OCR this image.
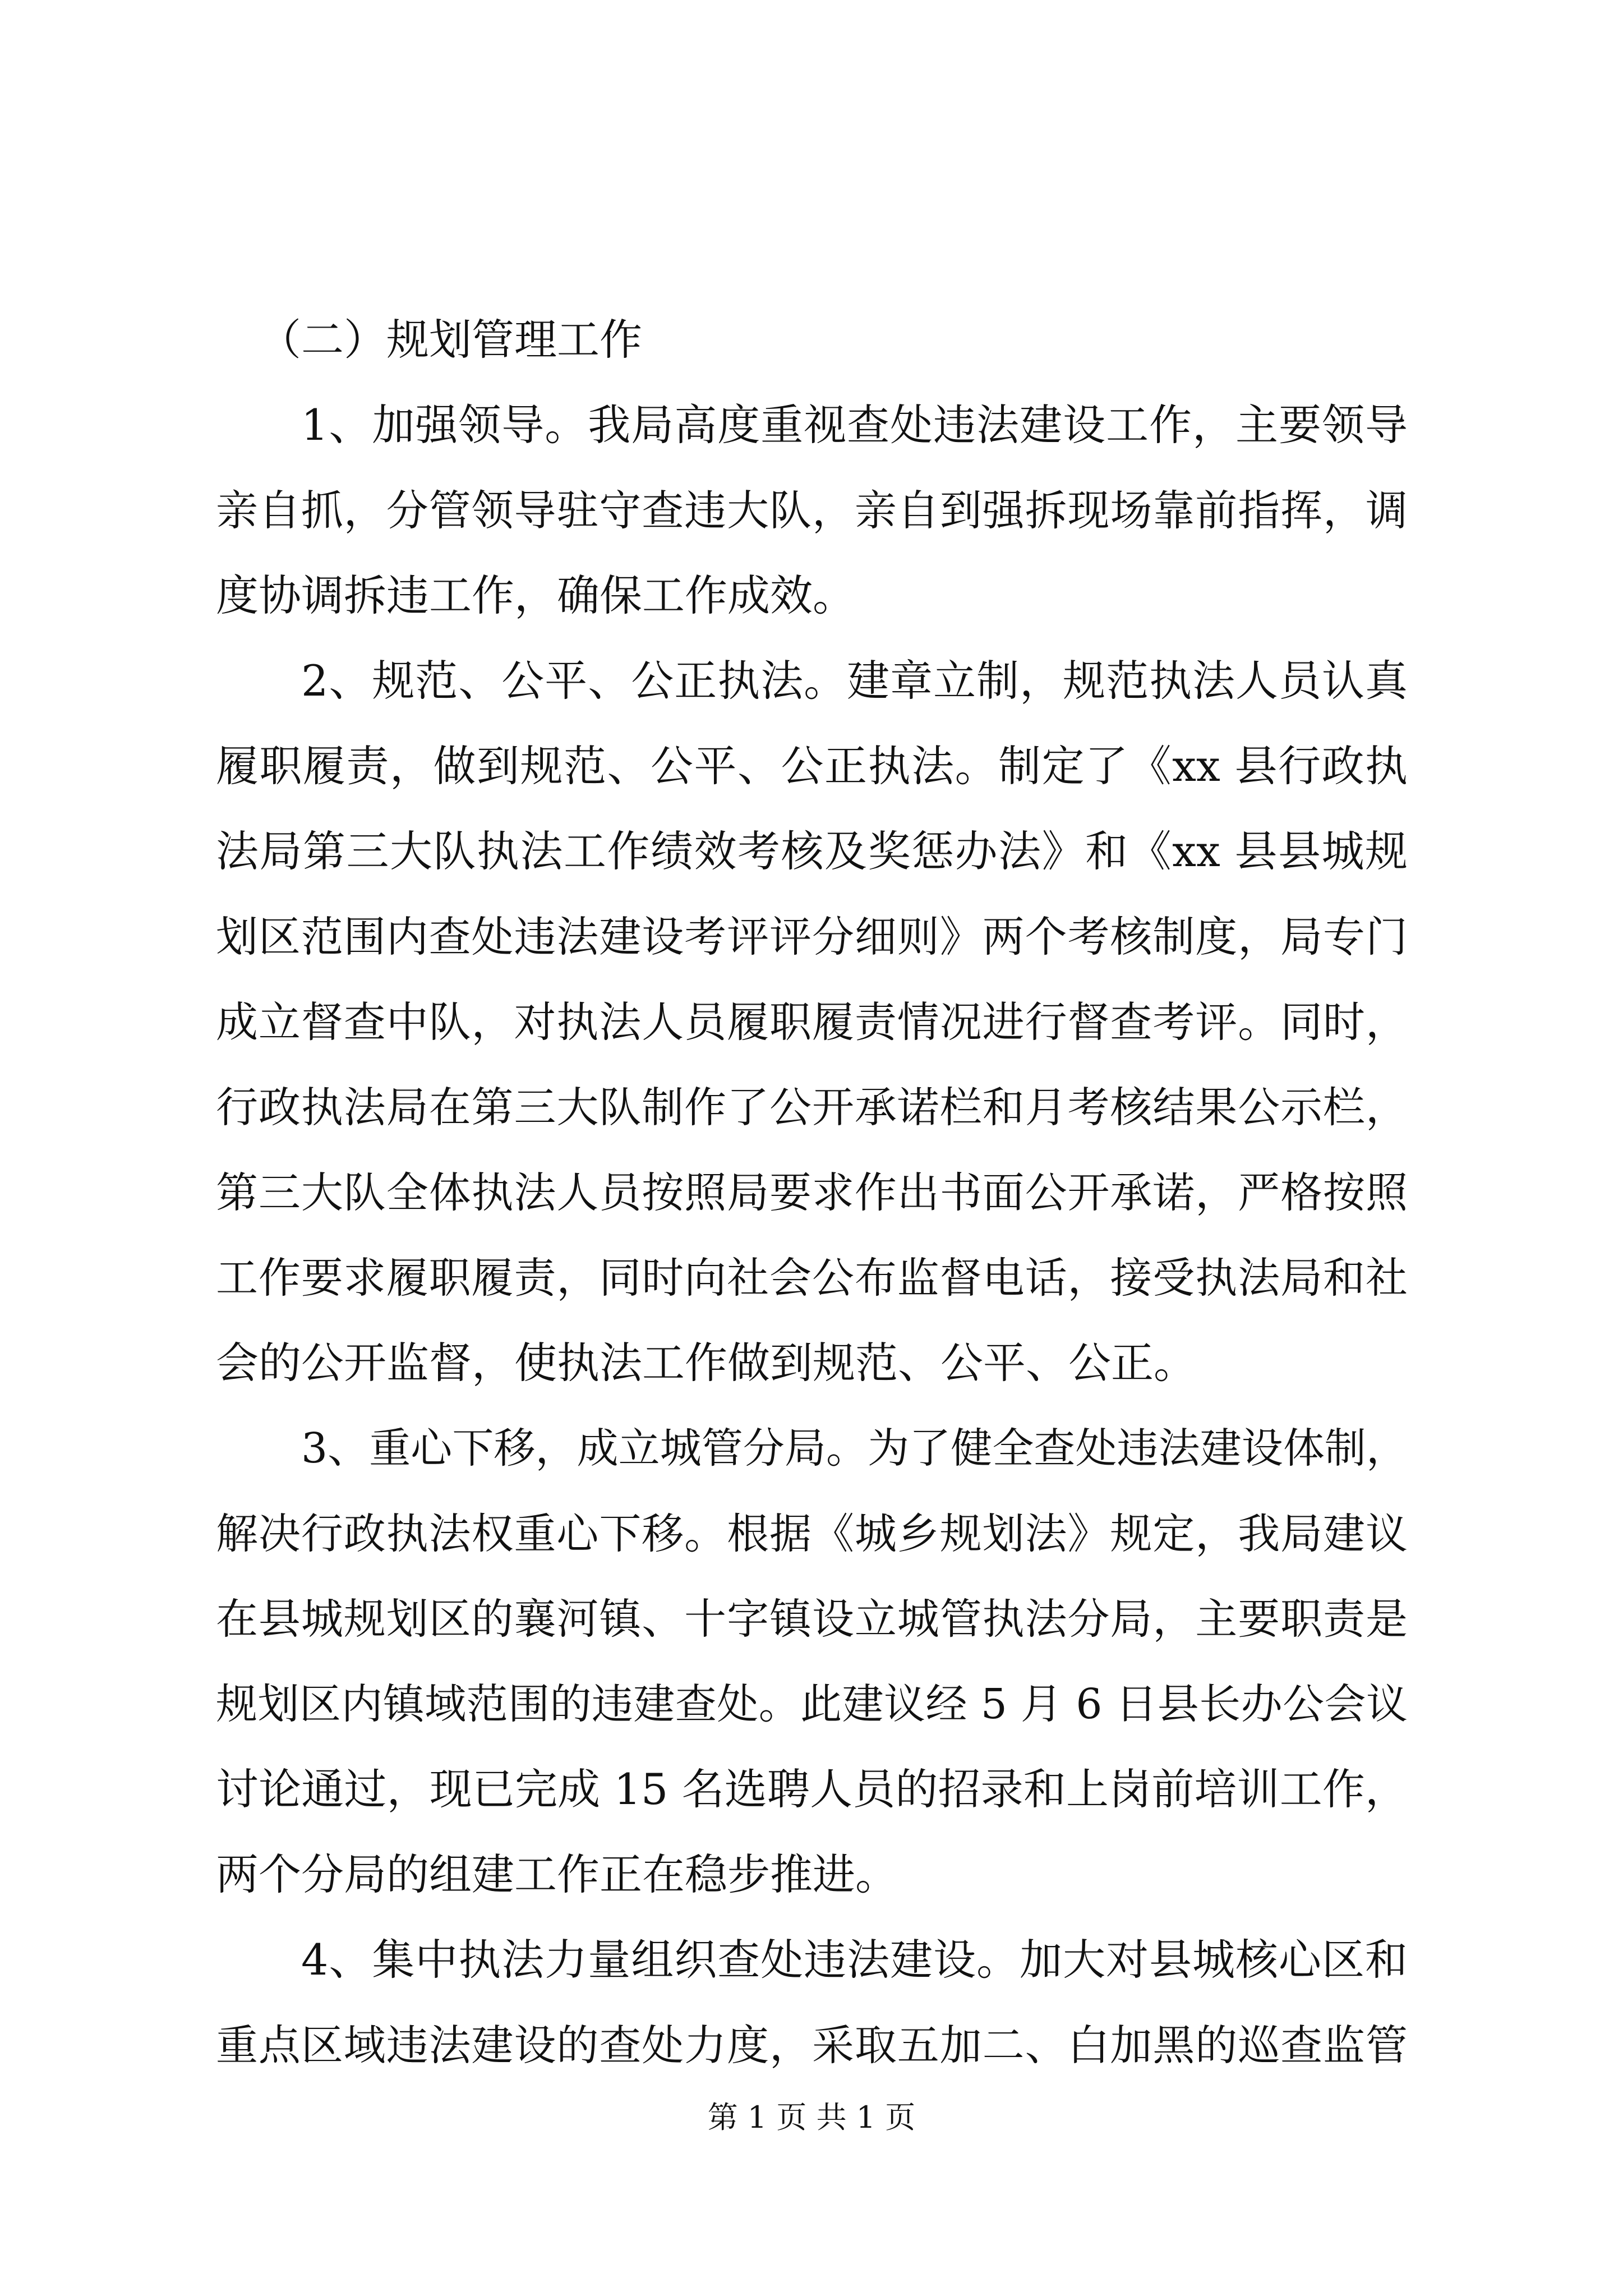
（二）规划管理工作

1、加强领导。我局高度重视查处违法建设工作，主要领导
亲自抓，分管领导驻守查违大队，亲自到强拆现场靠前指挥，调
度协调拆违工作，确保工作成效。
2、规范、公平、公正执法。建章立制，规范执法人员认真
履职履责，做到规范、公平、公正执法。制定了《xx 县行政执
法局第三大队执法工作绩效考核及奖惩办法》和《xx 县县城规
划区范围内查处违法建设考评评分细则》两个考核制度，局专门
成立督查中队，对执法人员履职履责情况进行督查考评。同时，
行政执法局在第三大队制作了公开承诺栏和月考核结果公示栏，
第三大队全体执法人员按照局要求作出书面公开承诺，严格按照
工作要求履职履责，同时向社会公布监督电话，接受执法局和社
会的公开监督，使执法工作做到规范、公平、公正。
3、重心下移，成立城管分局。为了健全查处违法建设体制，
解决行政执法权重心下移。根据《城乡规划法》规定，我局建议
在县城规划区的襄河镇、十字镇设立城管执法分局，主要职责是
规划区内镇域范围的违建查处。此建议经 5 月 6 日县长办公会议
讨论通过，现已完成 15 名选聘人员的招录和上岗前培训工作，
两个分局的组建工作正在稳步推进。
4、集中执法力量组织查处违法建设。加大对县城核心区和
重点区域违法建设的查处力度，采取五加二、白加黑的巡查监管
第 1 页 共 1 页
